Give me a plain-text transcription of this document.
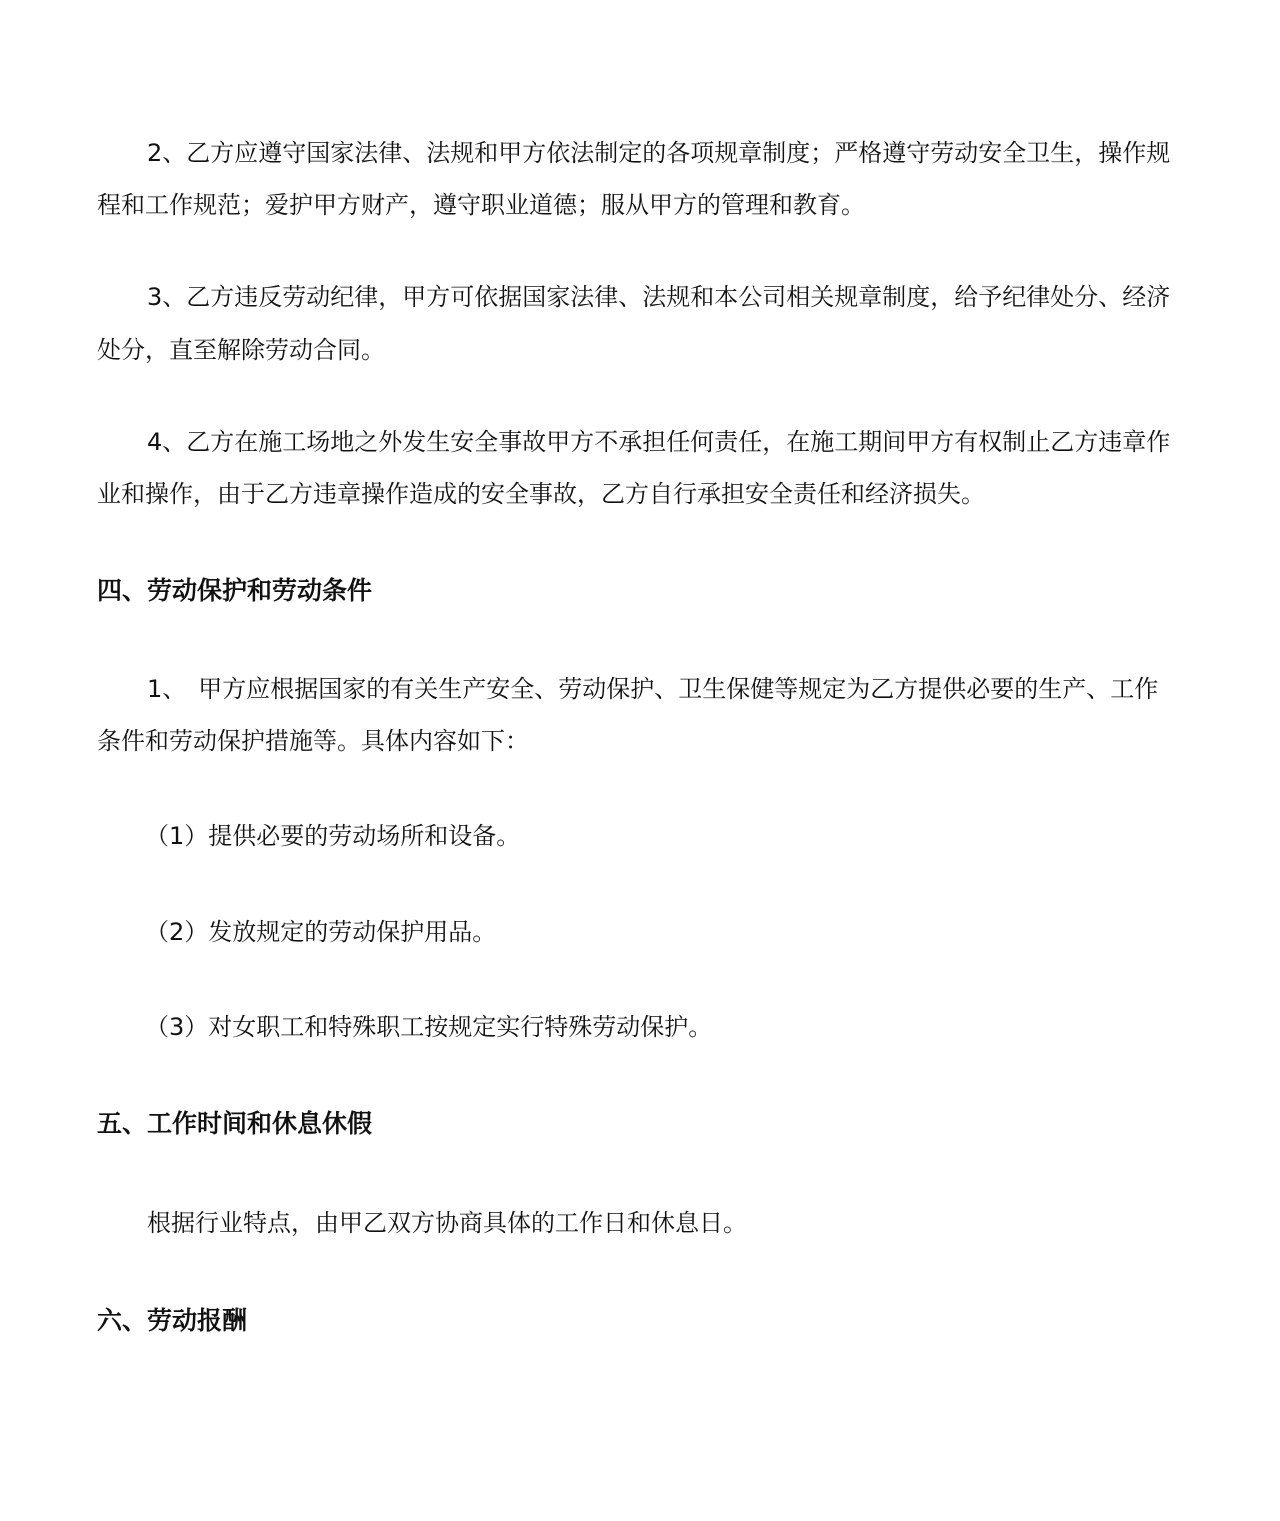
2、乙方应遵守国家法律、法规和甲方依法制定的各项规章制度；严格遵守劳动安全卫生，操作规
程和工作规范；爱护甲方财产，遵守职业道德；服从甲方的管理和教育。
3、乙方违反劳动纪律，甲方可依据国家法律、法规和本公司相关规章制度，给予纪律处分、经济
处分，直至解除劳动合同。
4、乙方在施工场地之外发生安全事故甲方不承担任何责任，在施工期间甲方有权制止乙方违章作
业和操作，由于乙方违章操作造成的安全事故，乙方自行承担安全责任和经济损失。
四、劳动保护和劳动条件
1、　甲方应根据国家的有关生产安全、劳动保护、卫生保健等规定为乙方提供必要的生产、工作
条件和劳动保护措施等。具体内容如下：
（1）提供必要的劳动场所和设备。
（2）发放规定的劳动保护用品。
（3）对女职工和特殊职工按规定实行特殊劳动保护。
五、工作时间和休息休假
根据行业特点，由甲乙双方协商具体的工作日和休息日。
六、劳动报酬
